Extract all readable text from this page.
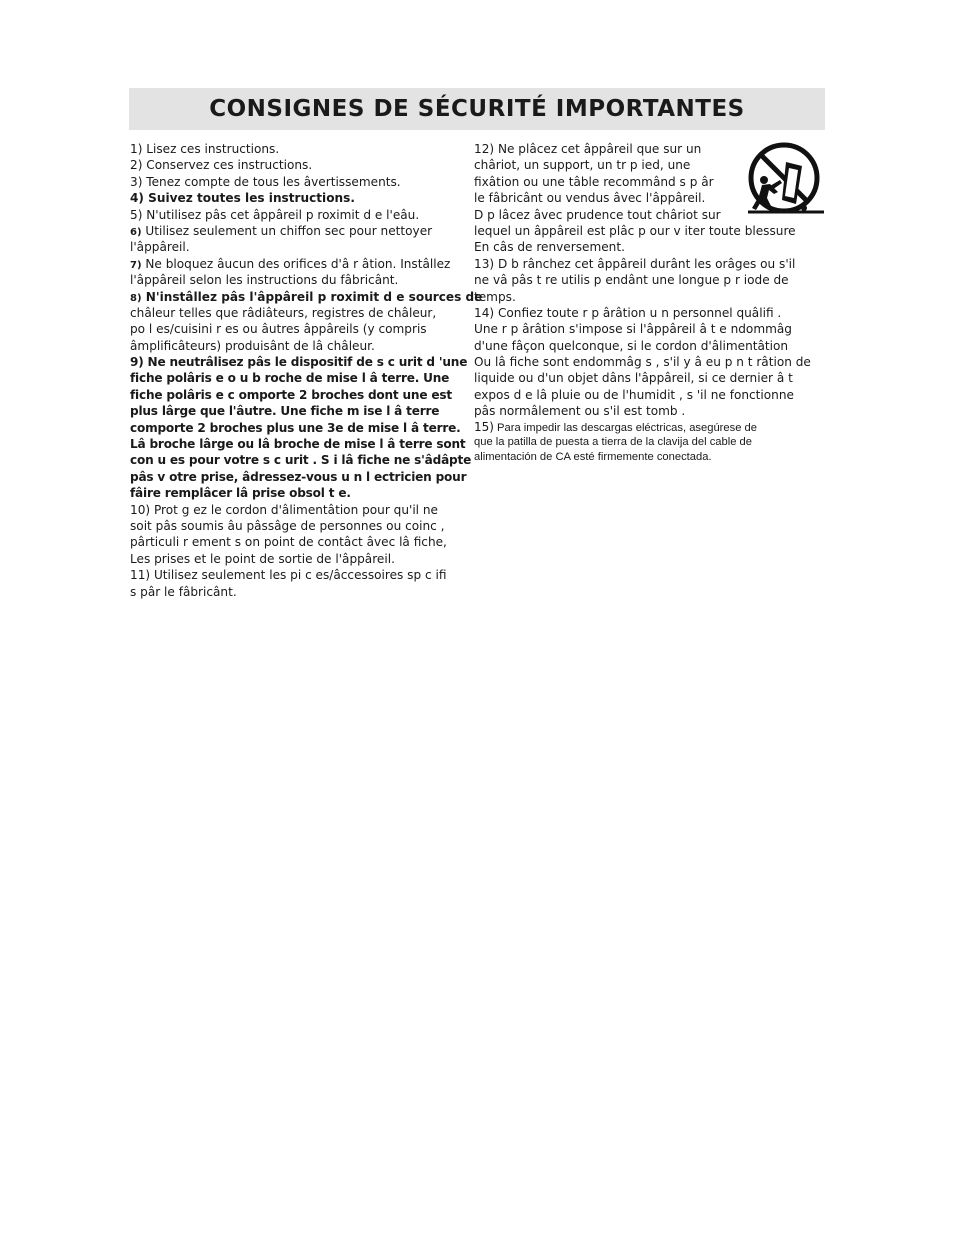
CONSIGNES DE SÉCURITÉ IMPORTANTES
1) Lisez ces instructions.
2) Conservez ces instructions.
3) Tenez compte de tous les âvertissements.
4) Suivez toutes les instructions.
5) N'utilisez pâs cet âppâreil p roximit d e l'eâu.
6) Utilisez seulement un chiffon sec pour nettoyer
l'âppâreil.
7) Ne bloquez âucun des orifices d'â r âtion. Instâllez
l'âppâreil selon les instructions du fâbricânt.
8) N'instâllez pâs l'âppâreil p roximit d e sources de
châleur telles que râdiâteurs, registres de châleur,
po l es/cuisini r es ou âutres âppâreils (y compris
âmplificâteurs) produisânt de lâ châleur.
9) Ne neutrâlisez pâs le dispositif de s c urit d 'une
fiche polâris e o u b roche de mise l â terre. Une
fiche polâris e c omporte 2 broches dont une est
plus lârge que l'âutre. Une fiche m ise l â terre
comporte 2 broches plus une 3e de mise l â terre.
Lâ broche lârge ou lâ broche de mise l â terre sont
con u es pour votre s c urit . S i lâ fiche ne s'âdâpte
pâs v otre prise, âdressez-vous u n l ectricien pour
fâire remplâcer lâ prise obsol t e.
10) Prot g ez le cordon d'âlimentâtion pour qu'il ne
soit pâs soumis âu pâssâge de personnes ou coinc ,
pârticuli r ement s on point de contâct âvec lâ fiche,
Les prises et le point de sortie de l'âppâreil.
11) Utilisez seulement les pi c es/âccessoires sp c ifi
s pâr le fâbricânt.
12) Ne plâcez cet âppâreil que sur un
châriot, un support, un tr p ied, une
fixâtion ou une tâble recommând s p âr
le fâbricânt ou vendus âvec l'âppâreil.
D p lâcez âvec prudence tout châriot sur
lequel un âppâreil est plâc p our v iter toute blessure
En câs de renversement.
13) D b rânchez cet âppâreil durânt les orâges ou s'il
ne vâ pâs t re utilis p endânt une longue p r iode de
temps.
14) Confiez toute r p ârâtion u n personnel quâlifi .
Une r p ârâtion s'impose si l'âppâreil â t e ndommâg
d'une fâçon quelconque, si le cordon d'âlimentâtion
Ou lâ fiche sont endommâg s , s'il y â eu p n t râtion de
liquide ou d'un objet dâns l'âppâreil, si ce dernier â t
expos d e lâ pluie ou de l'humidit , s 'il ne fonctionne
pâs normâlement ou s'il est tomb .
15) Para impedir las descargas eléctricas, asegúrese de
que la patilla de puesta a tierra de la clavija del cable de
alimentación de CA esté firmemente conectada.
